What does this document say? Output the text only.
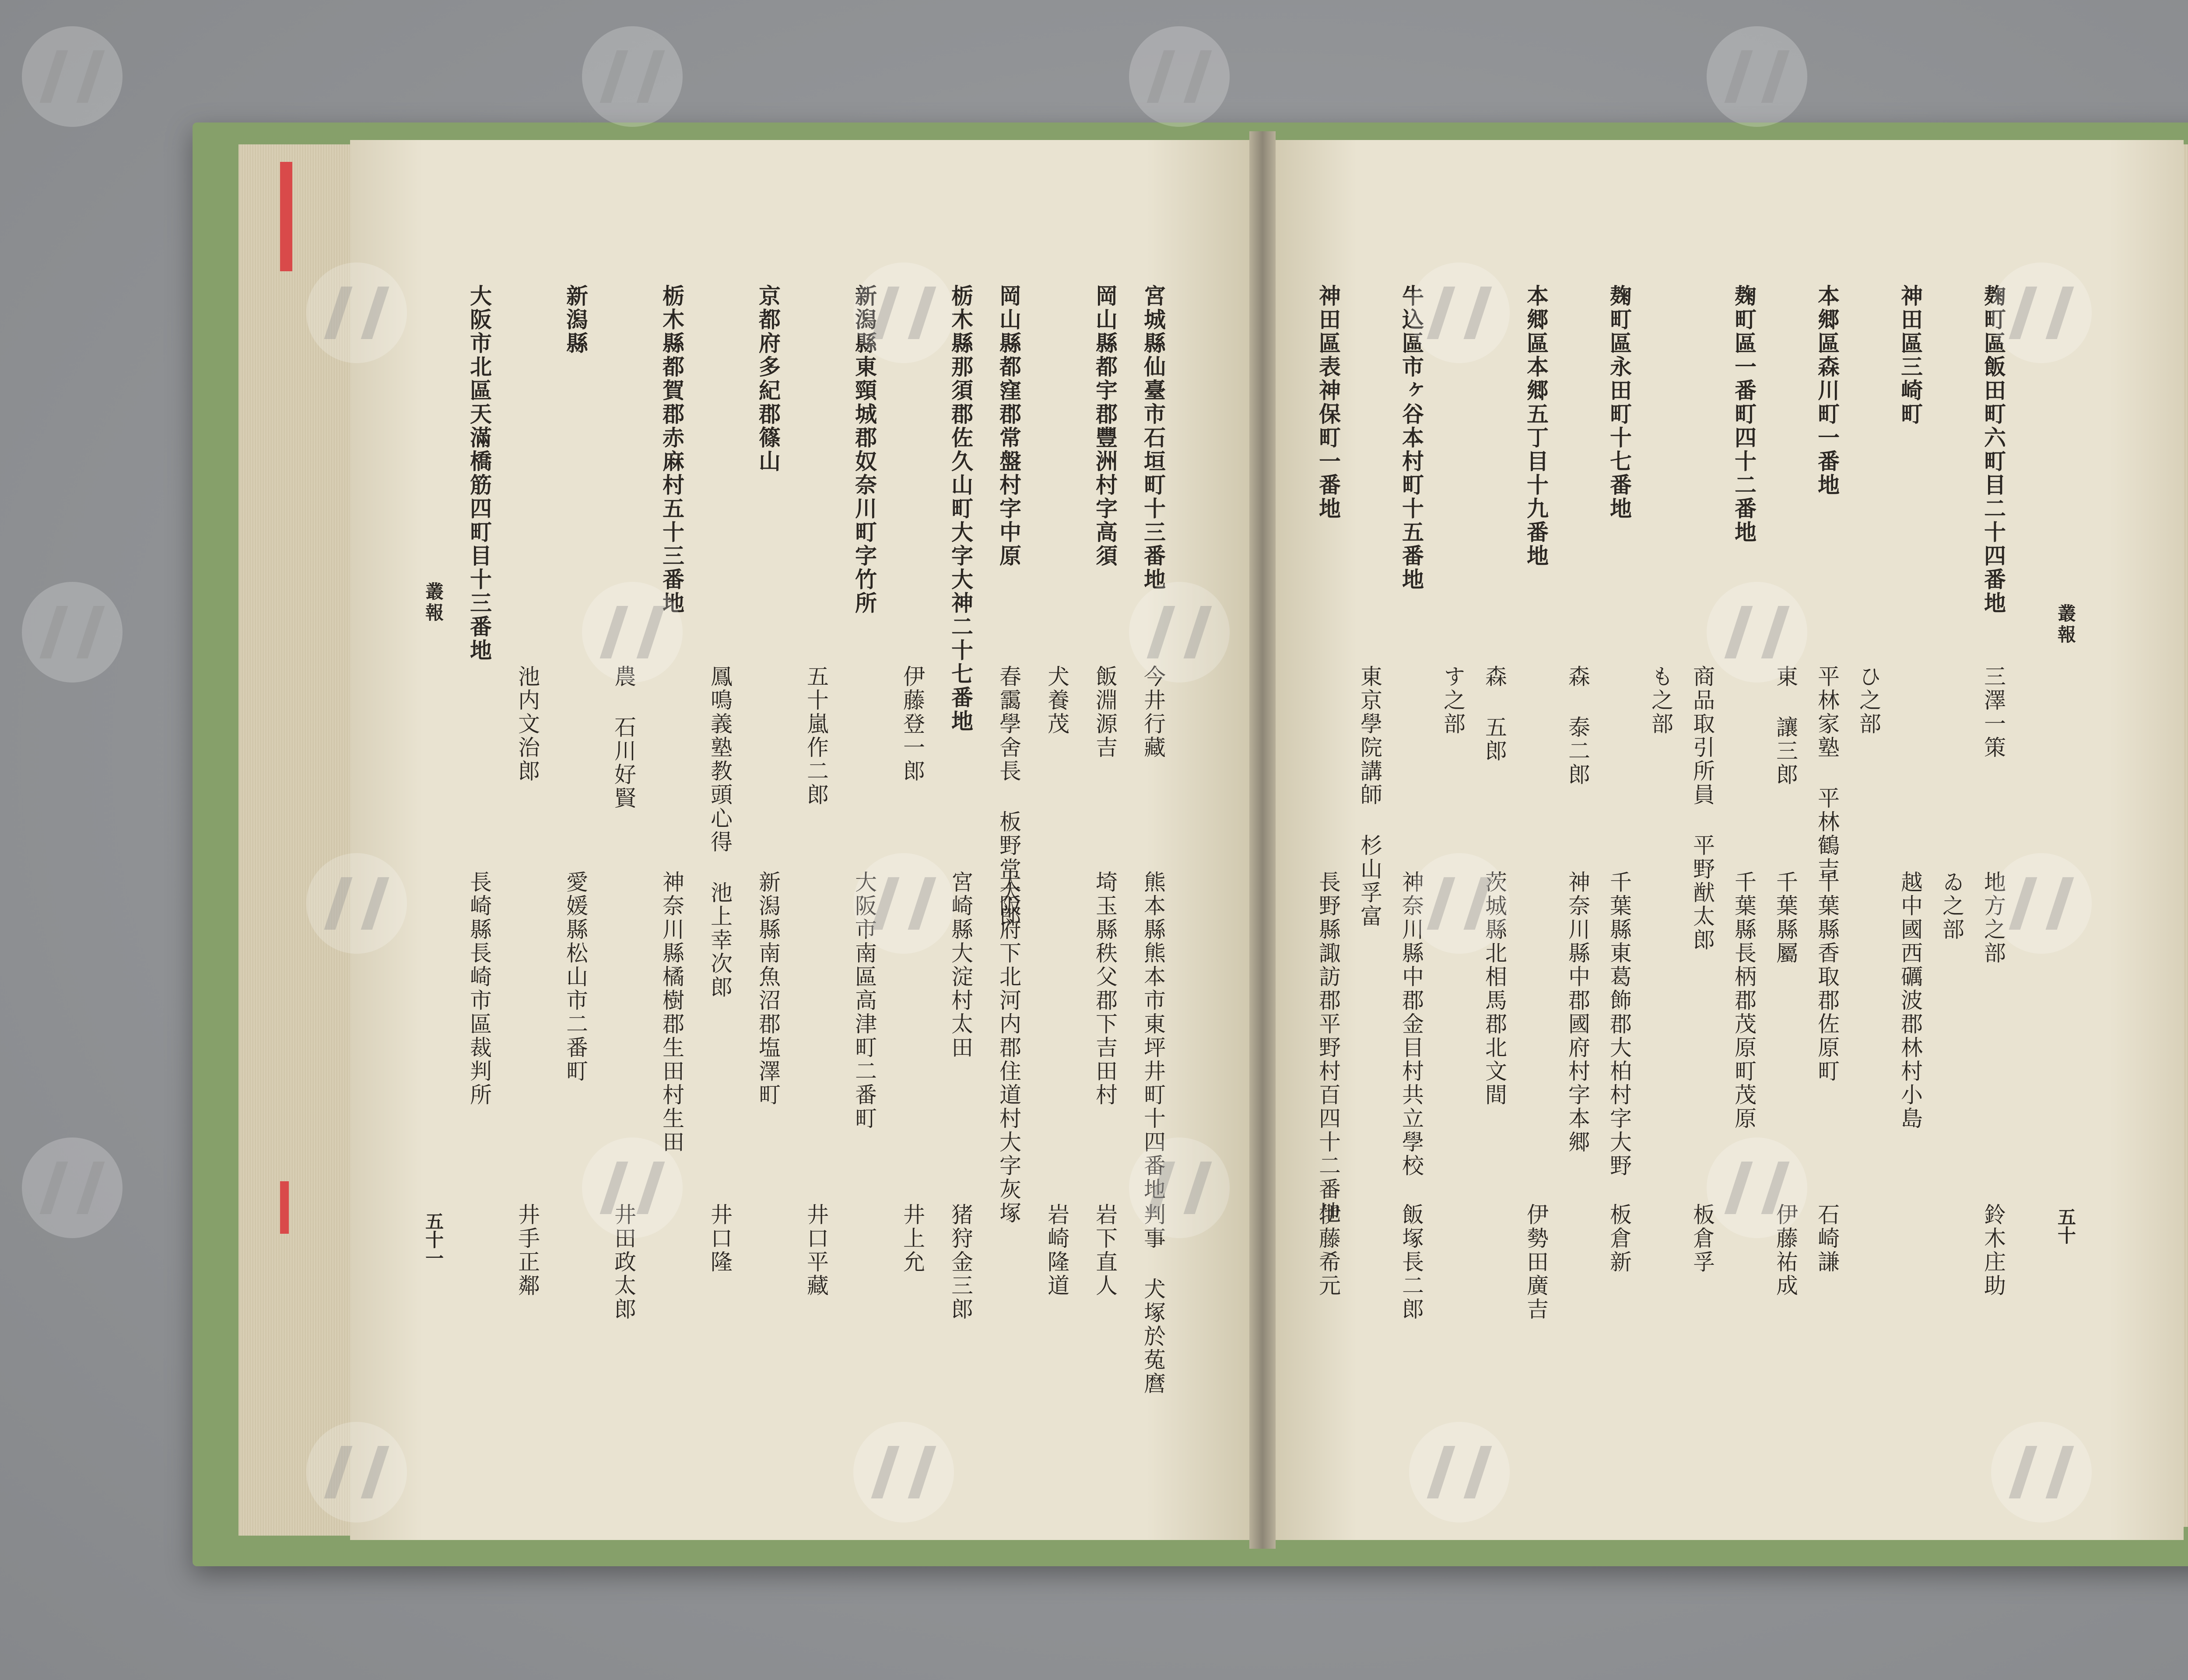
叢報
五十
叢報
五十一
麹町區飯田町六町目二十四番地
三澤一策
地方之部
鈴木庄助
ゐ之部
神田區三崎町
越中國西礪波郡林村小島
ひ之部
本郷區森川町一番地
平林家塾 平林鶴吉
千葉縣香取郡佐原町
石崎謙
東 讓三郎
千葉縣屬
伊藤祐成
麹町區一番町四十二番地
千葉縣長柄郡茂原町茂原
商品取引所員 平野猷太郎
板倉孚
も之部
麹町區永田町十七番地
千葉縣東葛飾郡大柏村字大野
板倉新
森 泰二郎
神奈川縣中郡國府村字本郷
本郷區本郷五丁目十九番地
伊勢田廣吉
森 五郎
茨城縣北相馬郡北文間
す之部
牛込區市ヶ谷本村町十五番地
神奈川縣中郡金目村共立學校
飯塚長二郎
東京學院講師 杉山孚富
神田區表神保町一番地
長野縣諏訪郡平野村百四十二番地
伊藤希元
宮城縣仙臺市石垣町十三番地
今井行藏
熊本縣熊本市東坪井町十四番地
判事 犬塚於菟麿
岡山縣都宇郡豐洲村字高須
飯淵源吉
埼玉縣秩父郡下吉田村
岩下直人
犬養茂
岩崎隆道
岡山縣都窪郡常盤村字中原
春靄學舍長 板野常太郎
大阪府下北河内郡住道村大字灰塚
栃木縣那須郡佐久山町大字大神二十七番地
宮崎縣大淀村太田
猪狩金三郎
伊藤登一郎
井上允
新潟縣東頸城郡奴奈川町字竹所
大阪市南區高津町二番町
五十嵐作二郎
井口平藏
京都府多紀郡篠山
新潟縣南魚沼郡塩澤町
鳳鳴義塾教頭心得 池上幸次郎
井口隆
栃木縣都賀郡赤麻村五十三番地
神奈川縣橘樹郡生田村生田
農 石川好賢
井田政太郎
新潟縣
愛媛縣松山市二番町
池内文治郎
井手正鄰
大阪市北區天滿橋筋四町目十三番地
長崎縣長崎市區裁判所
